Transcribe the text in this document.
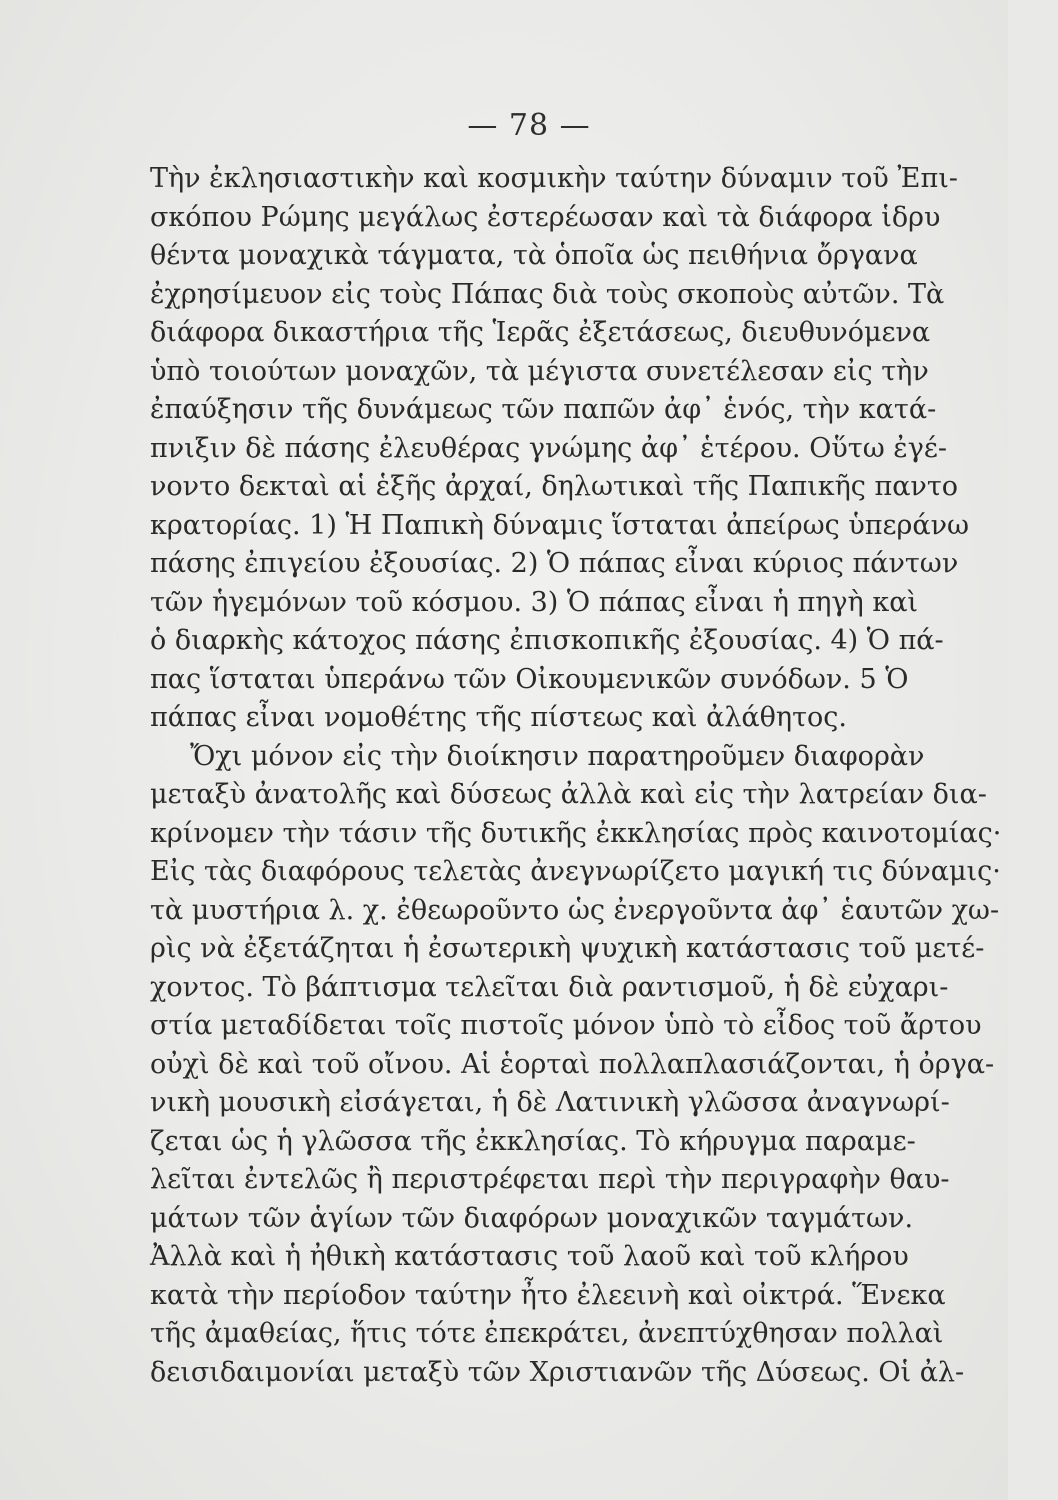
— 78 —
Τὴν ἐκλησιαστικὴν καὶ κοσμικὴν ταύτην δύναμιν τοῦ Ἐπι-
σκόπου Ρώμης μεγάλως ἐστερέωσαν καὶ τὰ διάφορα ἱδρυ
θέντα μοναχικὰ τάγματα, τὰ ὁποῖα ὡς πειθήνια ὄργανα
ἐχρησίμευον εἰς τοὺς Πάπας διὰ τοὺς σκοποὺς αὐτῶν. Τὰ
διάφορα δικαστήρια τῆς Ἱερᾶς ἐξετάσεως, διευθυνόμενα
ὑπὸ τοιούτων μοναχῶν, τὰ μέγιστα συνετέλεσαν εἰς τὴν
ἐπαύξησιν τῆς δυνάμεως τῶν παπῶν ἀφ᾽ ἑνός, τὴν κατά-
πνιξιν δὲ πάσης ἐλευθέρας γνώμης ἀφ᾽ ἑτέρου. Οὕτω ἐγέ-
νοντο δεκταὶ αἱ ἑξῆς ἀρχαί, δηλωτικαὶ τῆς Παπικῆς παντο
κρατορίας. 1) Ἡ Παπικὴ δύναμις ἵσταται ἀπείρως ὑπεράνω
πάσης ἐπιγείου ἐξουσίας. 2) Ὁ πάπας εἶναι κύριος πάντων
τῶν ἡγεμόνων τοῦ κόσμου. 3) Ὁ πάπας εἶναι ἡ πηγὴ καὶ
ὁ διαρκὴς κάτοχος πάσης ἐπισκοπικῆς ἐξουσίας. 4) Ὁ πά-
πας ἵσταται ὑπεράνω τῶν Οἰκουμενικῶν συνόδων. 5 Ὁ
πάπας εἶναι νομοθέτης τῆς πίστεως καὶ ἀλάθητος.
Ὄχι μόνον εἰς τὴν διοίκησιν παρατηροῦμεν διαφορὰν
μεταξὺ ἀνατολῆς καὶ δύσεως ἀλλὰ καὶ εἰς τὴν λατρείαν δια-
κρίνομεν τὴν τάσιν τῆς δυτικῆς ἐκκλησίας πρὸς καινοτομίας·
Εἰς τὰς διαφόρους τελετὰς ἀνεγνωρίζετο μαγική τις δύναμις·
τὰ μυστήρια λ. χ. ἐθεωροῦντο ὡς ἐνεργοῦντα ἀφ᾽ ἑαυτῶν χω-
ρὶς νὰ ἐξετάζηται ἡ ἐσωτερικὴ ψυχικὴ κατάστασις τοῦ μετέ-
χοντος. Τὸ βάπτισμα τελεῖται διὰ ραντισμοῦ, ἡ δὲ εὐχαρι-
στία μεταδίδεται τοῖς πιστοῖς μόνον ὑπὸ τὸ εἶδος τοῦ ἄρτου
οὐχὶ δὲ καὶ τοῦ οἴνου. Αἱ ἑορταὶ πολλαπλασιάζονται, ἡ ὀργα-
νικὴ μουσικὴ εἰσάγεται, ἡ δὲ Λατινικὴ γλῶσσα ἀναγνωρί-
ζεται ὡς ἡ γλῶσσα τῆς ἐκκλησίας. Τὸ κήρυγμα παραμε-
λεῖται ἐντελῶς ἢ περιστρέφεται περὶ τὴν περιγραφὴν θαυ-
μάτων τῶν ἁγίων τῶν διαφόρων μοναχικῶν ταγμάτων.
Ἀλλὰ καὶ ἡ ἠθικὴ κατάστασις τοῦ λαοῦ καὶ τοῦ κλήρου
κατὰ τὴν περίοδον ταύτην ἦτο ἐλεεινὴ καὶ οἰκτρά. Ἕνεκα
τῆς ἀμαθείας, ἥτις τότε ἐπεκράτει, ἀνεπτύχθησαν πολλαὶ
δεισιδαιμονίαι μεταξὺ τῶν Χριστιανῶν τῆς Δύσεως. Οἱ ἀλ-
